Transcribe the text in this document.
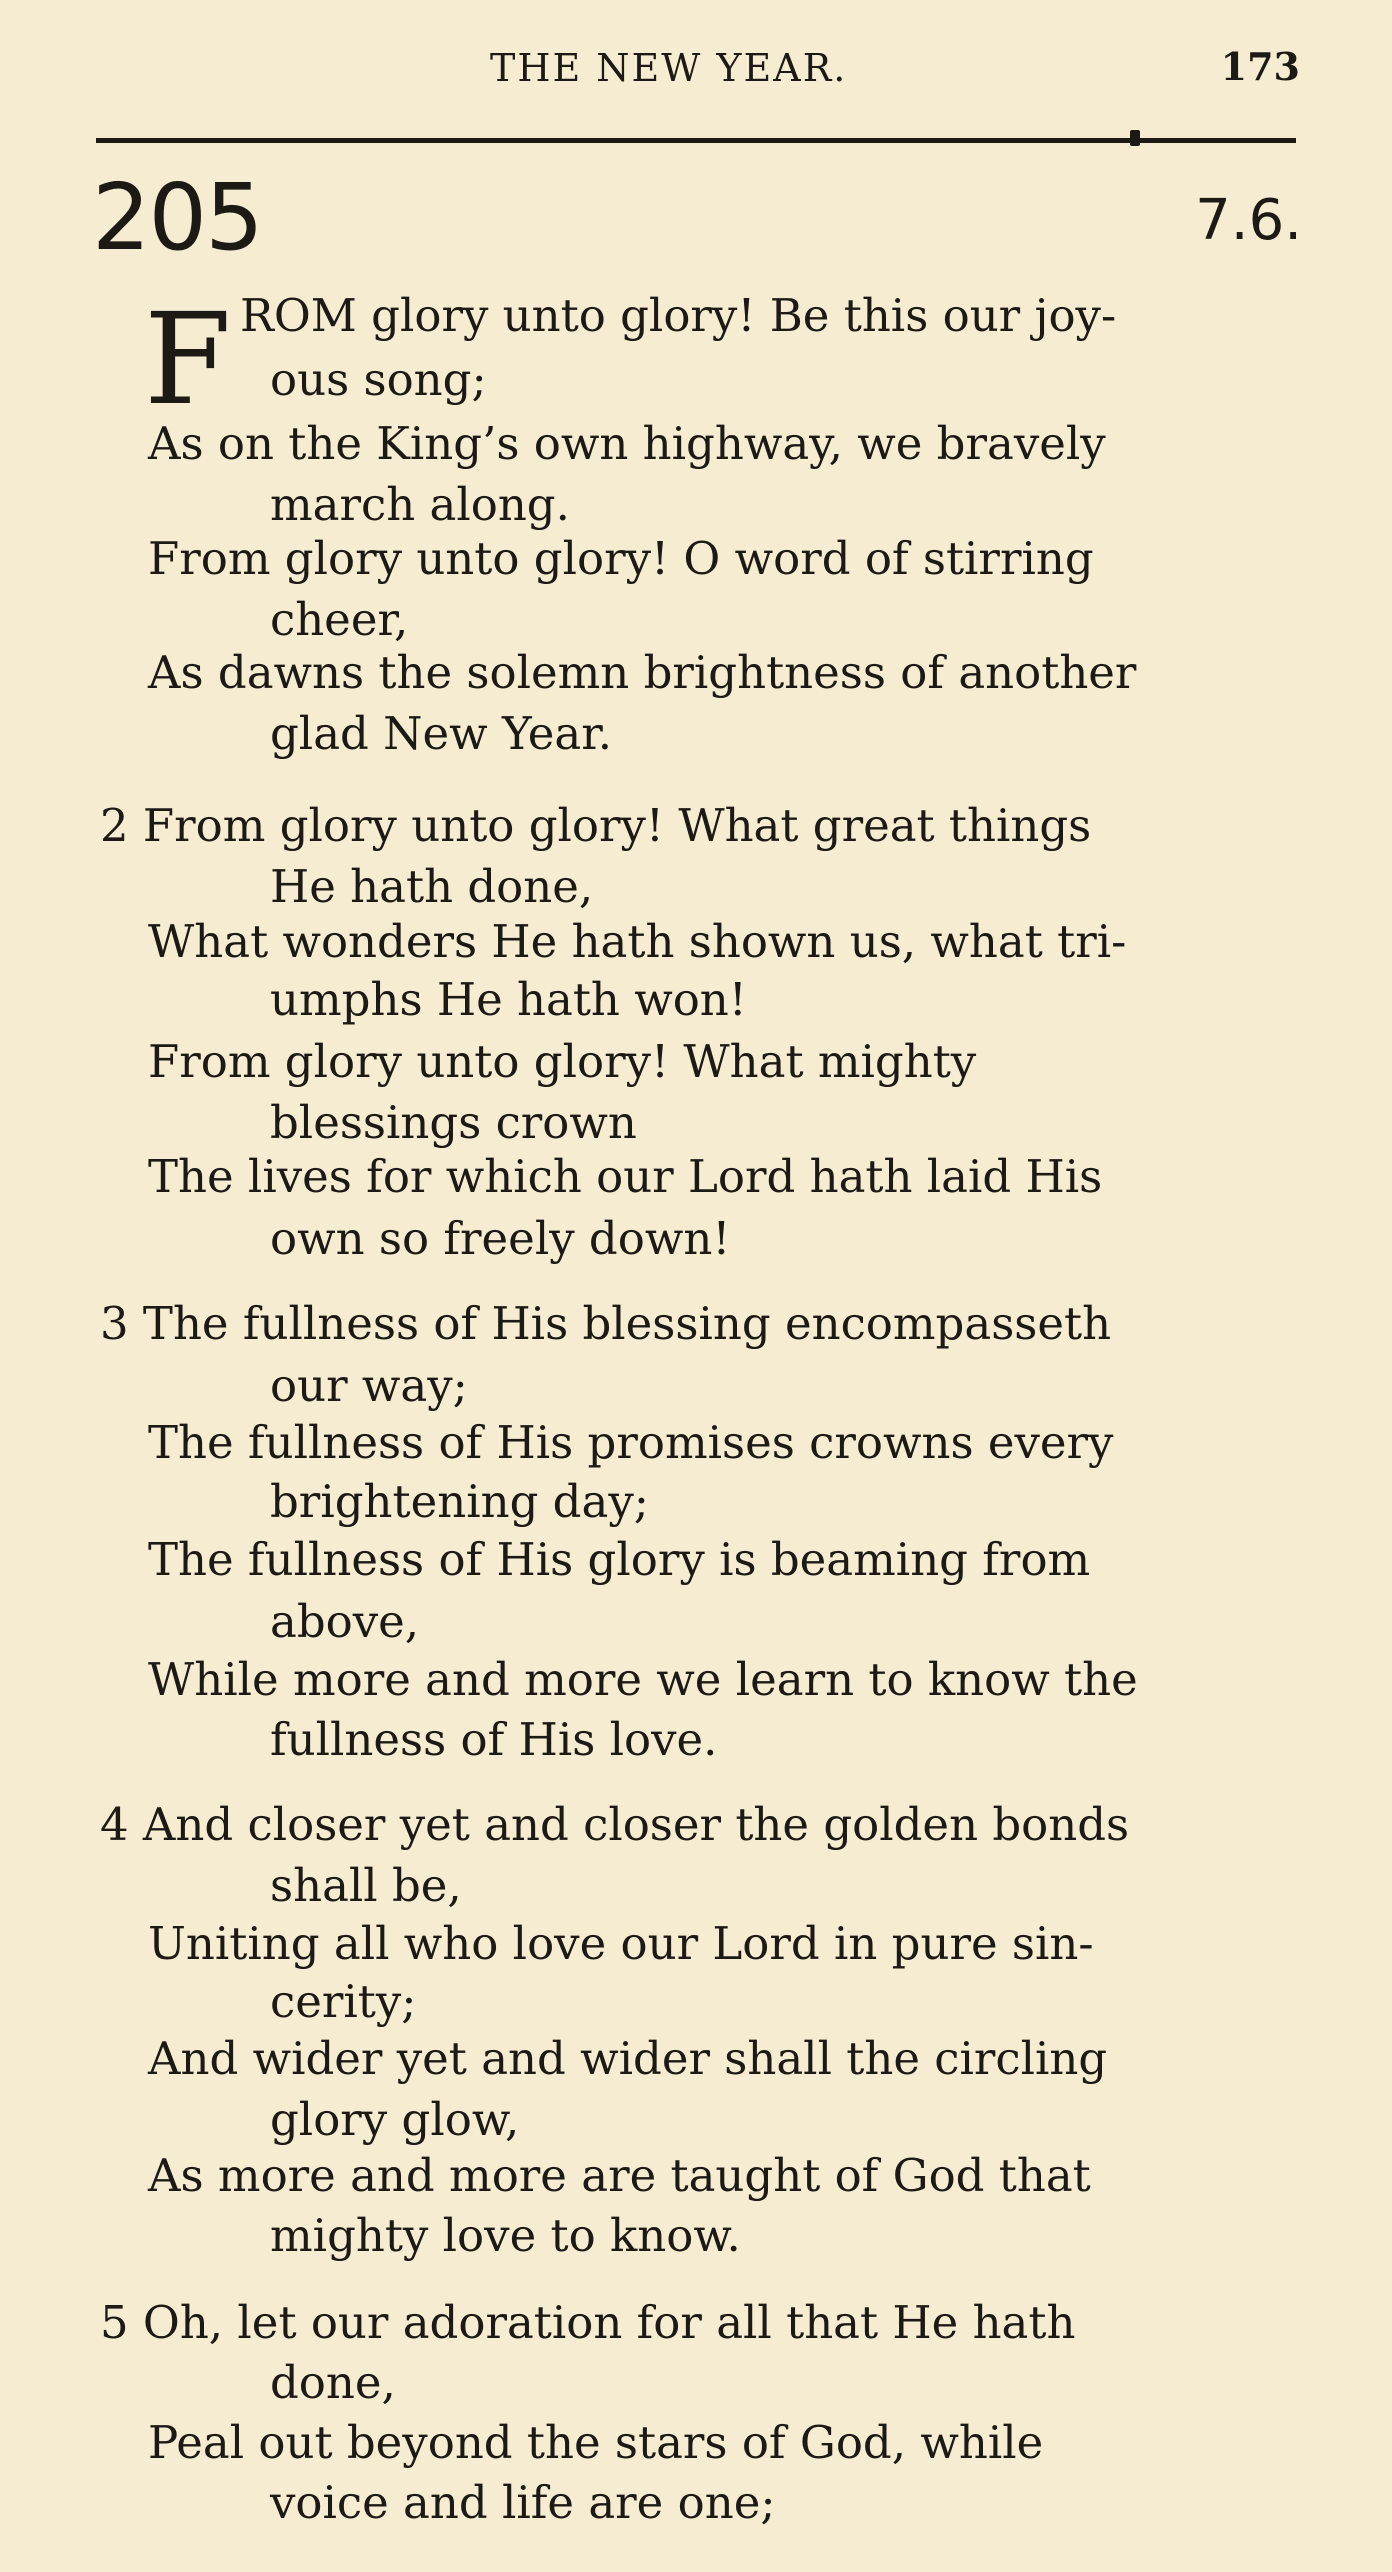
THE NEW YEAR.	173
205	7.6.
F ROM glory unto glory! Be this our joy-
ous song;
As on the King’s own highway, we bravely
march along.
From glory unto glory! O word of stirring
cheer,
As dawns the solemn brightness of another
glad New Year.
2 From glory unto glory! What great things
He hath done,
What wonders He hath shown us, what tri-
umphs He hath won!
From glory unto glory! What mighty
blessings crown
The lives for which our Lord hath laid His
own so freely down!
3 The fullness of His blessing encompasseth
our way;
The fullness of His promises crowns every
brightening day;
The fullness of His glory is beaming from
above,
While more and more we learn to know the
fullness of His love.
4 And closer yet and closer the golden bonds
shall be,
Uniting all who love our Lord in pure sin-
cerity;
And wider yet and wider shall the circling
glory glow,
As more and more are taught of God that
mighty love to know.
5 Oh, let our adoration for all that He hath
done,
Peal out beyond the stars of God, while
voice and life are one;
